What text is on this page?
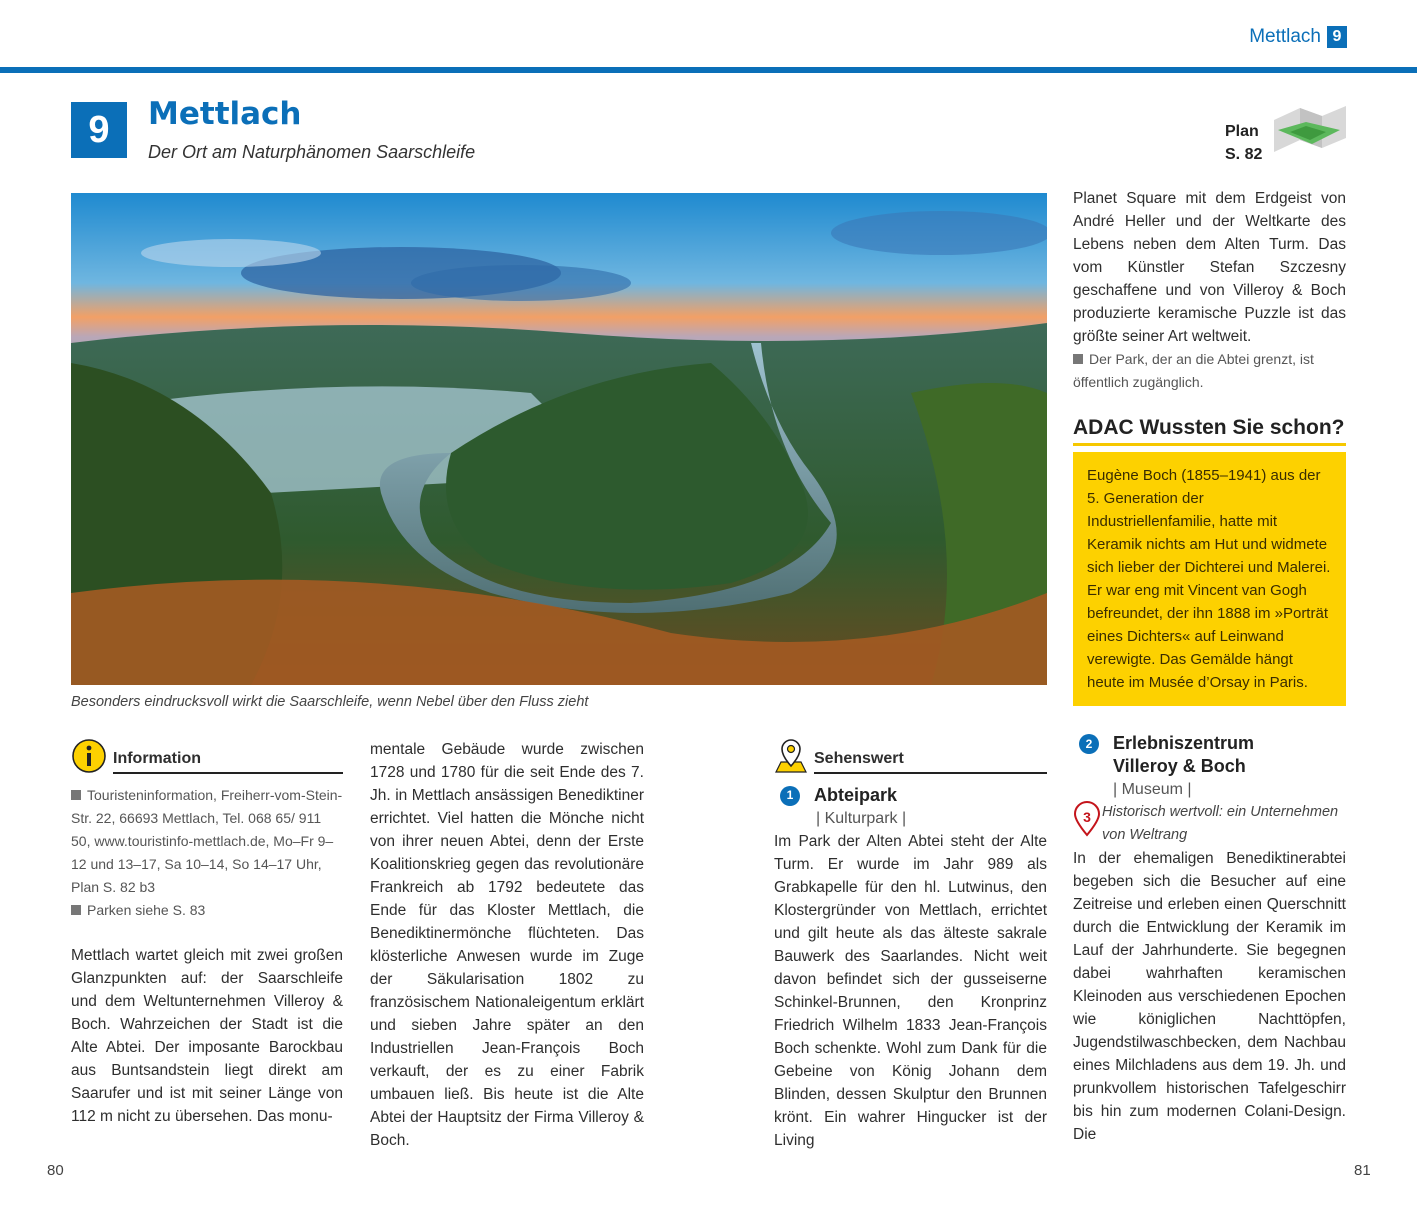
Mettlach 9
9	Mettlach
Der Ort am Naturphänomen Saarschleife
Plan
S. 82
Besonders eindrucksvoll wirkt die Saarschleife, wenn Nebel über den Fluss zieht
Information
Touristeninformation, Freiherr-vom-Stein-Str. 22, 66693 Mettlach, Tel. 068 65/ 911 50, www.touristinfo-mettlach.de, Mo–Fr 9–12 und 13–17, Sa 10–14, So 14–17 Uhr, Plan S. 82 b3
Parken siehe S. 83

Mettlach wartet gleich mit zwei großen Glanzpunkten auf: der Saarschleife und dem Weltunternehmen Villeroy & Boch. Wahrzeichen der Stadt ist die Alte Abtei. Der imposante Barockbau aus Buntsandstein liegt direkt am Saarufer und ist mit seiner Länge von 112 m nicht zu übersehen. Das monu-

mentale Gebäude wurde zwischen 1728 und 1780 für die seit Ende des 7. Jh. in Mettlach ansässigen Benediktiner errichtet. Viel hatten die Mönche nicht von ihrer neuen Abtei, denn der Erste Koalitionskrieg gegen das revolutionäre Frankreich ab 1792 bedeutete das Ende für das Kloster Mettlach, die Benediktinermönche flüchteten. Das klösterliche Anwesen wurde im Zuge der Säkularisation 1802 zu französischem Nationaleigentum erklärt und sieben Jahre später an den Industriellen Jean-François Boch verkauft, der es zu einer Fabrik umbauen ließ. Bis heute ist die Alte Abtei der Hauptsitz der Firma Villeroy & Boch.

Sehenswert
1	Abteipark
| Kulturpark |

Im Park der Alten Abtei steht der Alte Turm. Er wurde im Jahr 989 als Grabkapelle für den hl. Lutwinus, den Klostergründer von Mettlach, errichtet und gilt heute als das älteste sakrale Bauwerk des Saarlandes. Nicht weit davon befindet sich der gusseiserne Schinkel-Brunnen, den Kronprinz Friedrich Wilhelm 1833 Jean-François Boch schenkte. Wohl zum Dank für die Gebeine von König Johann dem Blinden, dessen Skulptur den Brunnen krönt. Ein wahrer Hingucker ist der Living

Planet Square mit dem Erdgeist von André Heller und der Weltkarte des Lebens neben dem Alten Turm. Das vom Künstler Stefan Szczesny geschaffene und von Villeroy & Boch produzierte keramische Puzzle ist das größte seiner Art weltweit.

Der Park, der an die Abtei grenzt, ist öffentlich zugänglich.
ADAC Wussten Sie schon?
Eugène Boch (1855–1941) aus der 5. Generation der Industriellenfamilie, hatte mit Keramik nichts am Hut und widmete sich lieber der Dichterei und Malerei. Er war eng mit Vincent van Gogh befreundet, der ihn 1888 im »Porträt eines Dichters« auf Leinwand verewigte. Das Gemälde hängt heute im Musée d’Orsay in Paris.
2	Erlebniszentrum
Villeroy & Boch
| Museum |
3 Historisch wertvoll: ein Unternehmen von Weltrang

In der ehemaligen Benediktinerabtei begeben sich die Besucher auf eine Zeitreise und erleben einen Querschnitt durch die Entwicklung der Keramik im Lauf der Jahrhunderte. Sie begegnen dabei wahrhaften keramischen Kleinoden aus verschiedenen Epochen wie königlichen Nachttöpfen, Jugendstilwaschbecken, dem Nachbau eines Milchladens aus dem 19. Jh. und prunkvollem historischen Tafelgeschirr bis hin zum modernen Colani-Design. Die

80	81
